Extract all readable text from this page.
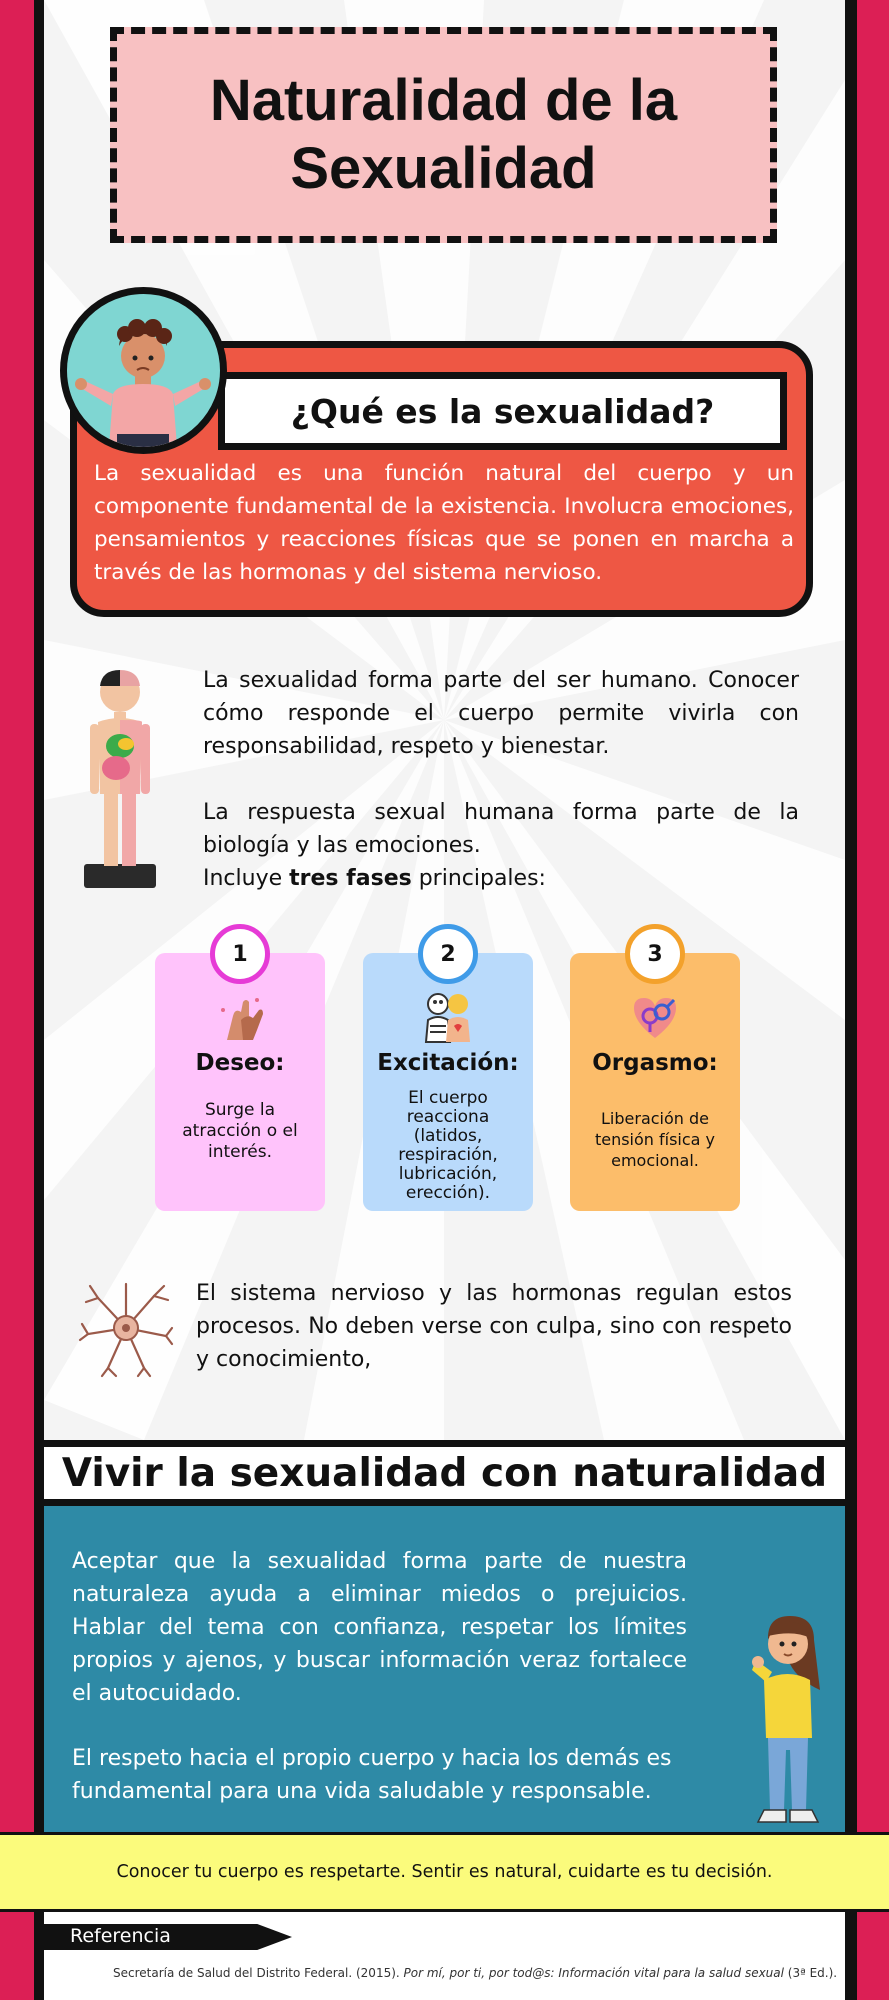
Naturalidad de la Sexualidad
¿Qué es la sexualidad?
La sexualidad es una función natural del cuerpo y un componente fundamental de la existencia. Involucra emociones, pensamientos y reacciones físicas que se ponen en marcha a través de las hormonas y del sistema nervioso.

La sexualidad forma parte del ser humano. Conocer cómo responde el cuerpo permite vivirla con responsabilidad, respeto y bienestar.

La respuesta sexual humana forma parte de la biología y las emociones.

Incluye tres fases principales:

1
Deseo:
Surge la atracción o el interés.
2
Excitación:
El cuerpo reacciona (latidos, respiración, lubricación, erección).
3
Orgasmo:
Liberación de tensión física y emocional.

El sistema nervioso y las hormonas regulan estos procesos. No deben verse con culpa, sino con respeto y conocimiento,

Vivir la sexualidad con naturalidad

Aceptar que la sexualidad forma parte de nuestra naturaleza ayuda a eliminar miedos o prejuicios. Hablar del tema con confianza, respetar los límites propios y ajenos, y buscar información veraz fortalece el autocuidado.

El respeto hacia el propio cuerpo y hacia los demás es fundamental para una vida saludable y responsable.

Conocer tu cuerpo es respetarte. Sentir es natural, cuidarte es tu decisión.
Referencia

Secretaría de Salud del Distrito Federal. (2015). Por mí, por ti, por tod@s: Información vital para la salud sexual (3ª Ed.).
